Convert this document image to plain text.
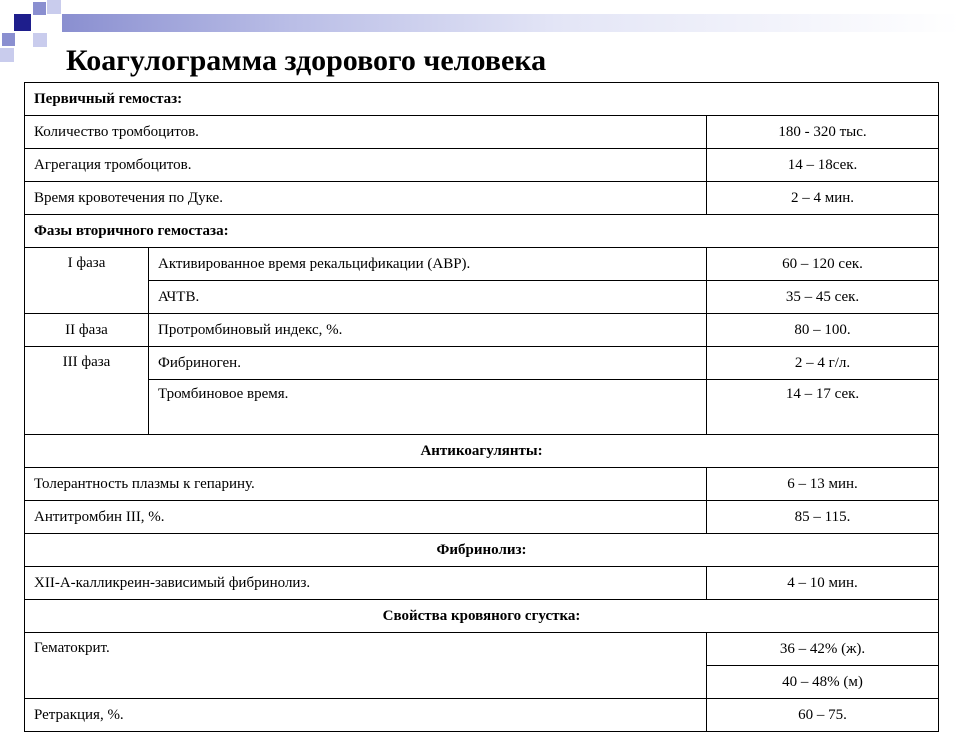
Коагулограмма здорового человека
Первичный гемостаз:		
Количество тромбоцитов.		180 - 320 тыс.
Агрегация тромбоцитов.		14 – 18сек.
Время кровотечения по Дуке.		2 – 4 мин.
Фазы вторичного гемостаза:		
I фаза	Активированное время рекальцификации (АВР).	60 – 120 сек.
	АЧТВ.	35 – 45 сек.
II фаза	Протромбиновый индекс, %.	80 – 100.
III фаза	Фибриноген.	2 – 4 г/л.
	Тромбиновое время.	14 – 17 сек.
Антикоагулянты:		
Толерантность плазмы к гепарину.		6 – 13 мин.
Антитромбин III, %.		85 – 115.
Фибринолиз:		
XII-А-калликреин-зависимый фибринолиз.		4 – 10 мин.
Свойства кровяного сгустка:		
Гематокрит.		36 – 42% (ж).
		40 – 48% (м)
Ретракция, %.		60 – 75.
